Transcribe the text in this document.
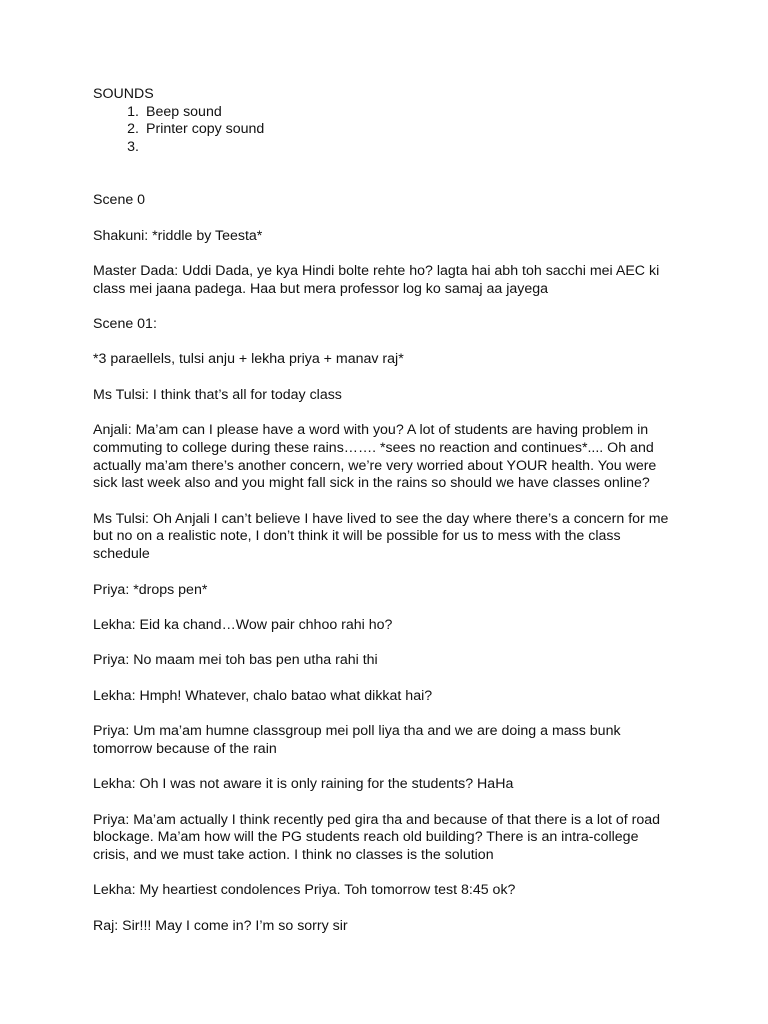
SOUNDS
1. Beep sound
2. Printer copy sound
3.

Scene 0

Shakuni: *riddle by Teesta*

Master Dada: Uddi Dada, ye kya Hindi bolte rehte ho? lagta hai abh toh sacchi mei AEC ki class mei jaana padega. Haa but mera professor log ko samaj aa jayega

Scene 01:

*3 paraellels, tulsi anju + lekha priya + manav raj*

Ms Tulsi: I think that’s all for today class

Anjali: Ma’am can I please have a word with you? A lot of students are having problem in commuting to college during these rains……. *sees no reaction and continues*.... Oh and actually ma’am there’s another concern, we’re very worried about YOUR health. You were sick last week also and you might fall sick in the rains so should we have classes online?

Ms Tulsi: Oh Anjali I can’t believe I have lived to see the day where there’s a concern for me but no on a realistic note, I don’t think it will be possible for us to mess with the class schedule

Priya: *drops pen*

Lekha: Eid ka chand…Wow pair chhoo rahi ho?

Priya: No maam mei toh bas pen utha rahi thi

Lekha: Hmph! Whatever, chalo batao what dikkat hai?

Priya: Um ma’am humne classgroup mei poll liya tha and we are doing a mass bunk tomorrow because of the rain

Lekha: Oh I was not aware it is only raining for the students? HaHa

Priya: Ma’am actually I think recently ped gira tha and because of that there is a lot of road blockage. Ma’am how will the PG students reach old building? There is an intra-college crisis, and we must take action. I think no classes is the solution

Lekha: My heartiest condolences Priya. Toh tomorrow test 8:45 ok?

Raj: Sir!!! May I come in? I’m so sorry sir
